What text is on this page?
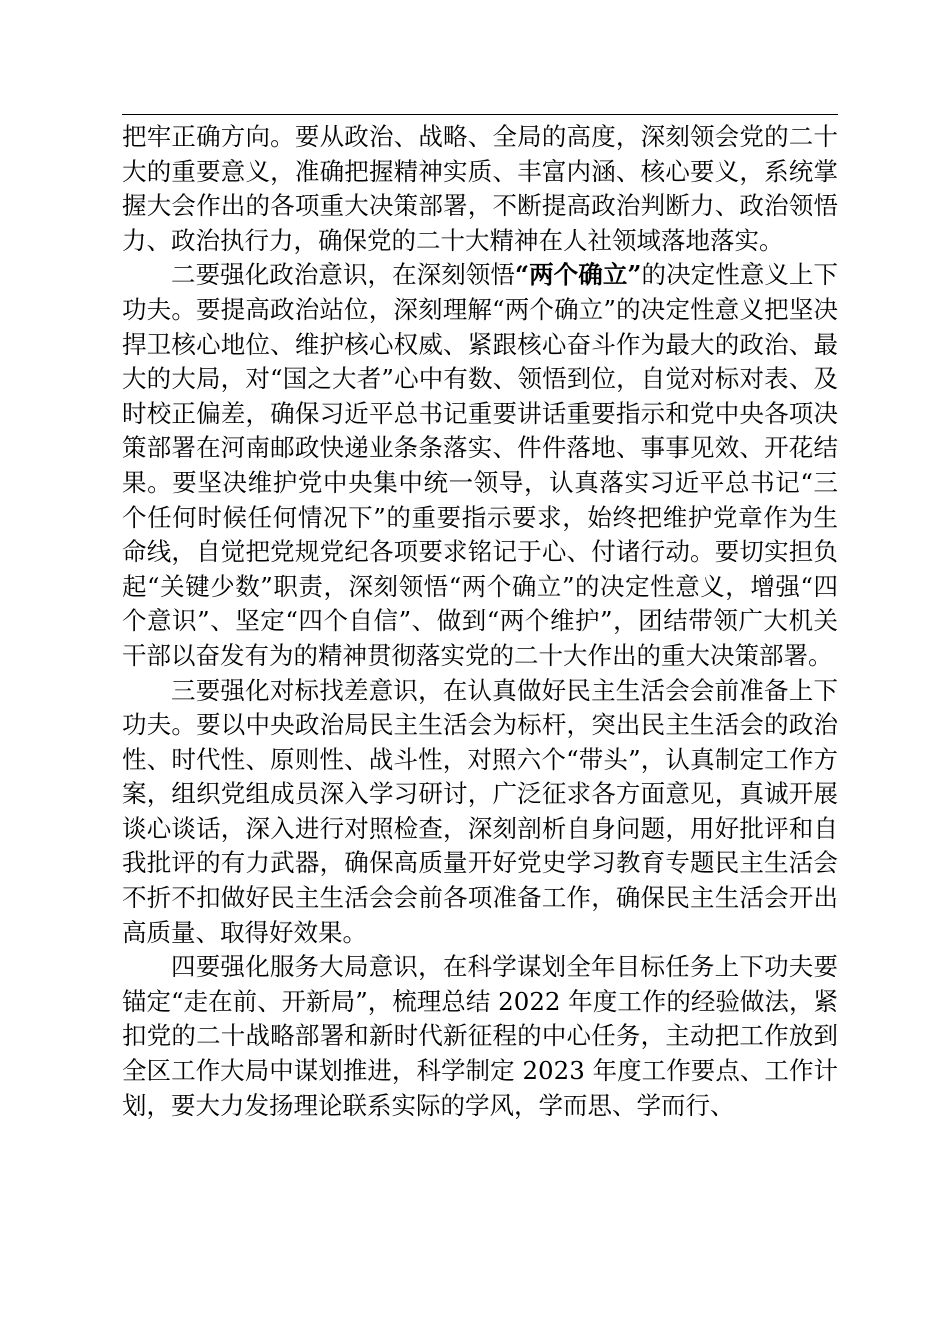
把牢正确方向。要从政治、战略、全局的高度，深刻领会党的二十大的重要意义，准确把握精神实质、丰富内涵、核心要义，系统掌握大会作出的各项重大决策部署，不断提高政治判断力、政治领悟力、政治执行力，确保党的二十大精神在人社领域落地落实。

二要强化政治意识，在深刻领悟“两个确立”的决定性意义上下功夫。要提高政治站位，深刻理解“两个确立”的决定性意义把坚决捍卫核心地位、维护核心权威、紧跟核心奋斗作为最大的政治、最大的大局，对“国之大者”心中有数、领悟到位，自觉对标对表、及时校正偏差，确保习近平总书记重要讲话重要指示和党中央各项决策部署在河南邮政快递业条条落实、件件落地、事事见效、开花结果。要坚决维护党中央集中统一领导，认真落实习近平总书记“三个任何时候任何情况下”的重要指示要求，始终把维护党章作为生命线，自觉把党规党纪各项要求铭记于心、付诸行动。要切实担负起“关键少数”职责，深刻领悟“两个确立”的决定性意义，增强“四个意识”、坚定“四个自信”、做到“两个维护”，团结带领广大机关干部以奋发有为的精神贯彻落实党的二十大作出的重大决策部署。

三要强化对标找差意识，在认真做好民主生活会会前准备上下功夫。要以中央政治局民主生活会为标杆，突出民主生活会的政治性、时代性、原则性、战斗性，对照六个“带头”，认真制定工作方案，组织党组成员深入学习研讨，广泛征求各方面意见，真诚开展谈心谈话，深入进行对照检查，深刻剖析自身问题，用好批评和自我批评的有力武器，确保高质量开好党史学习教育专题民主生活会不折不扣做好民主生活会会前各项准备工作，确保民主生活会开出高质量、取得好效果。

四要强化服务大局意识，在科学谋划全年目标任务上下功夫要锚定“走在前、开新局”，梳理总结 2022 年度工作的经验做法，紧扣党的二十战略部署和新时代新征程的中心任务，主动把工作放到全区工作大局中谋划推进，科学制定 2023 年度工作要点、工作计划，要大力发扬理论联系实际的学风，学而思、学而行、
